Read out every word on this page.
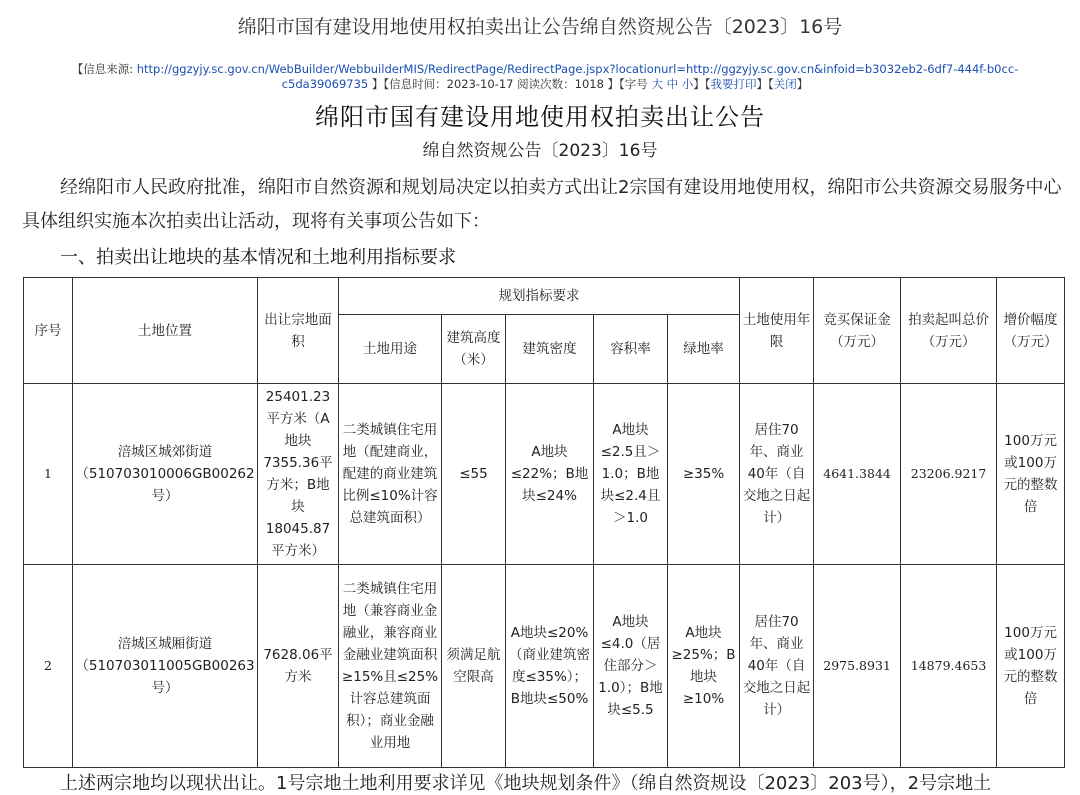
绵阳市国有建设用地使用权拍卖出让公告绵自然资规公告〔2023〕16号
【信息来源: http://ggzyjy.sc.gov.cn/WebBuilder/WebbuilderMIS/RedirectPage/RedirectPage.jspx?locationurl=http://ggzyjy.sc.gov.cn&infoid=b3032eb2-6df7-444f-b0cc-c5da39069735 】【信息时间：2023-10-17 阅读次数：1018 】【字号 大 中 小】【我要打印】【关闭】
绵阳市国有建设用地使用权拍卖出让公告
绵自然资规公告〔2023〕16号
经绵阳市人民政府批准，绵阳市自然资源和规划局决定以拍卖方式出让2宗国有建设用地使用权，绵阳市公共资源交易服务中心具体组织实施本次拍卖出让活动，现将有关事项公告如下：
一、拍卖出让地块的基本情况和土地利用指标要求
序号	土地位置	出让宗地面积	规划指标要求					土地使用年限	竞买保证金（万元）	拍卖起叫总价（万元）	增价幅度（万元）
			土地用途	建筑高度（米）	建筑密度	容积率	绿地率				
1	涪城区城郊街道（510703010006GB00262号）	25401.23平方米（A地块7355.36平方米；B地块18045.87平方米）	二类城镇住宅用地（配建商业，配建的商业建筑比例≤10%计容总建筑面积）	≤55	A地块≤22%；B地块≤24%	A地块≤2.5且＞1.0；B地块≤2.4且＞1.0	≥35%	居住70年、商业40年（自交地之日起计）	4641.3844	23206.9217	100万元或100万元的整数倍
2	涪城区城厢街道（510703011005GB00263号）	7628.06平方米	二类城镇住宅用地（兼容商业金融业，兼容商业金融业建筑面积≥15%且≤25%计容总建筑面积）；商业金融业用地	须满足航空限高	A地块≤20%（商业建筑密度≤35%）；B地块≤50%	A地块≤4.0（居住部分＞1.0）；B地块≤5.5	A地块≥25%；B地块≥10%	居住70年、商业40年（自交地之日起计）	2975.8931	14879.4653	100万元或100万元的整数倍
上述两宗地均以现状出让。1号宗地土地利用要求详见《地块规划条件》（绵自然资规设〔2023〕203号），2号宗地土
